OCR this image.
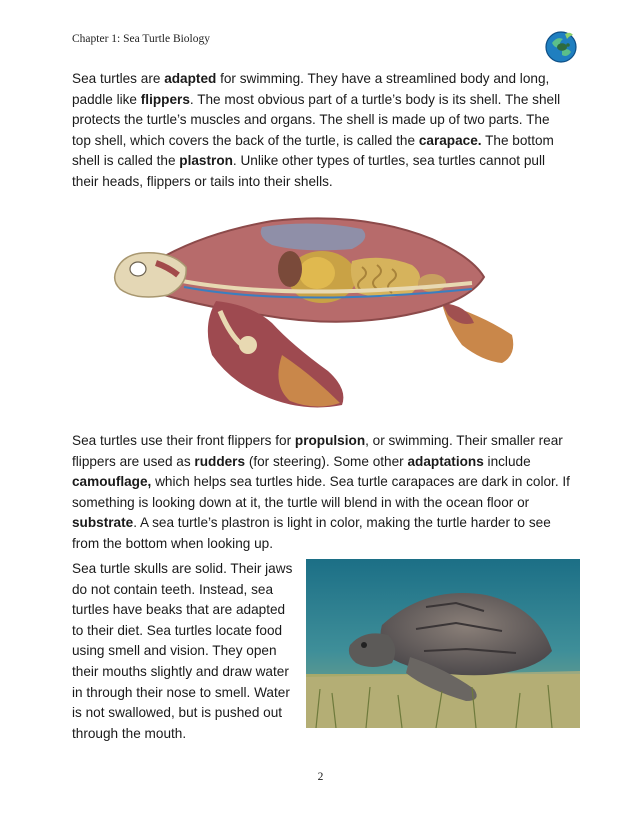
Chapter 1: Sea Turtle Biology

Sea turtles are adapted for swimming. They have a streamlined body and long, paddle like flippers. The most obvious part of a turtle’s body is its shell. The shell protects the turtle’s muscles and organs. The shell is made up of two parts. The top shell, which covers the back of the turtle, is called the carapace. The bottom shell is called the plastron. Unlike other types of turtles, sea turtles cannot pull their heads, flippers or tails into their shells.

Sea turtles use their front flippers for propulsion, or swimming. Their smaller rear flippers are used as rudders (for steering). Some other adaptations include camouflage, which helps sea turtles hide. Sea turtle carapaces are dark in color. If something is looking down at it, the turtle will blend in with the ocean floor or substrate. A sea turtle’s plastron is light in color, making the turtle harder to see from the bottom when looking up.

Sea turtle skulls are solid. Their jaws do not contain teeth. Instead, sea turtles have beaks that are adapted to their diet. Sea turtles locate food using smell and vision. They open their mouths slightly and draw water in through their nose to smell. Water is not swallowed, but is pushed out through the mouth.

2
